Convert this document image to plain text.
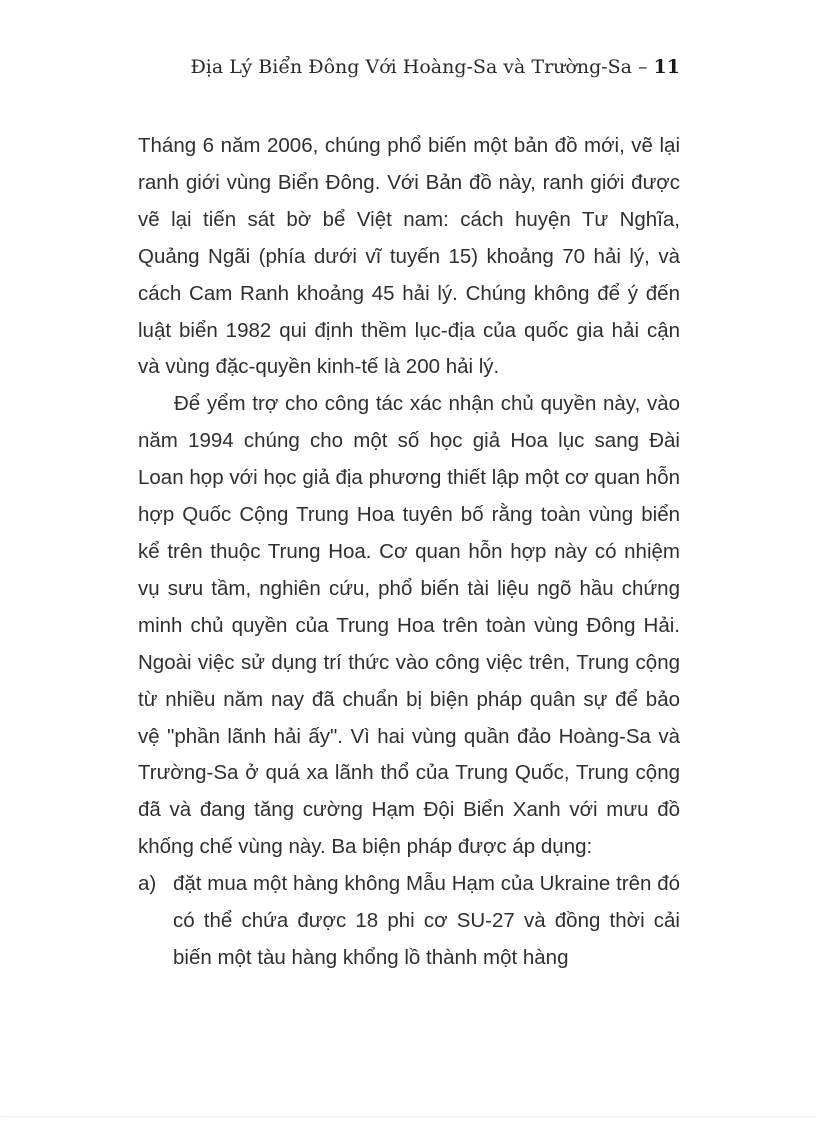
Địa Lý Biển Đông Với Hoàng-Sa và Trường-Sa – 11

Tháng 6 năm 2006, chúng phổ biến một bản đồ mới, vẽ lại ranh giới vùng Biển Đông. Với Bản đồ này, ranh giới được vẽ lại tiến sát bờ bể Việt nam: cách huyện Tư Nghĩa, Quảng Ngãi (phía dưới vĩ tuyến 15) khoảng 70 hải lý, và cách Cam Ranh khoảng 45 hải lý. Chúng không để ý đến luật biển 1982 qui định thềm lục-địa của quốc gia hải cận và vùng đặc-quyền kinh-tế là 200 hải lý.

Để yểm trợ cho công tác xác nhận chủ quyền này, vào năm 1994 chúng cho một số học giả Hoa lục sang Đài Loan họp với học giả địa phương thiết lập một cơ quan hỗn hợp Quốc Cộng Trung Hoa tuyên bố rằng toàn vùng biển kể trên thuộc Trung Hoa. Cơ quan hỗn hợp này có nhiệm vụ sưu tầm, nghiên cứu, phổ biến tài liệu ngõ hầu chứng minh chủ quyền của Trung Hoa trên toàn vùng Đông Hải. Ngoài việc sử dụng trí thức vào công việc trên, Trung cộng từ nhiều năm nay đã chuẩn bị biện pháp quân sự để bảo vệ "phần lãnh hải ấy". Vì hai vùng quần đảo Hoàng-Sa và Trường-Sa ở quá xa lãnh thổ của Trung Quốc, Trung cộng đã và đang tăng cường Hạm Đội Biển Xanh với mưu đồ khống chế vùng này. Ba biện pháp được áp dụng:

a) đặt mua một hàng không Mẫu Hạm của Ukraine trên đó có thể chứa được 18 phi cơ SU-27 và đồng thời cải biến một tàu hàng khổng lồ thành một hàng
